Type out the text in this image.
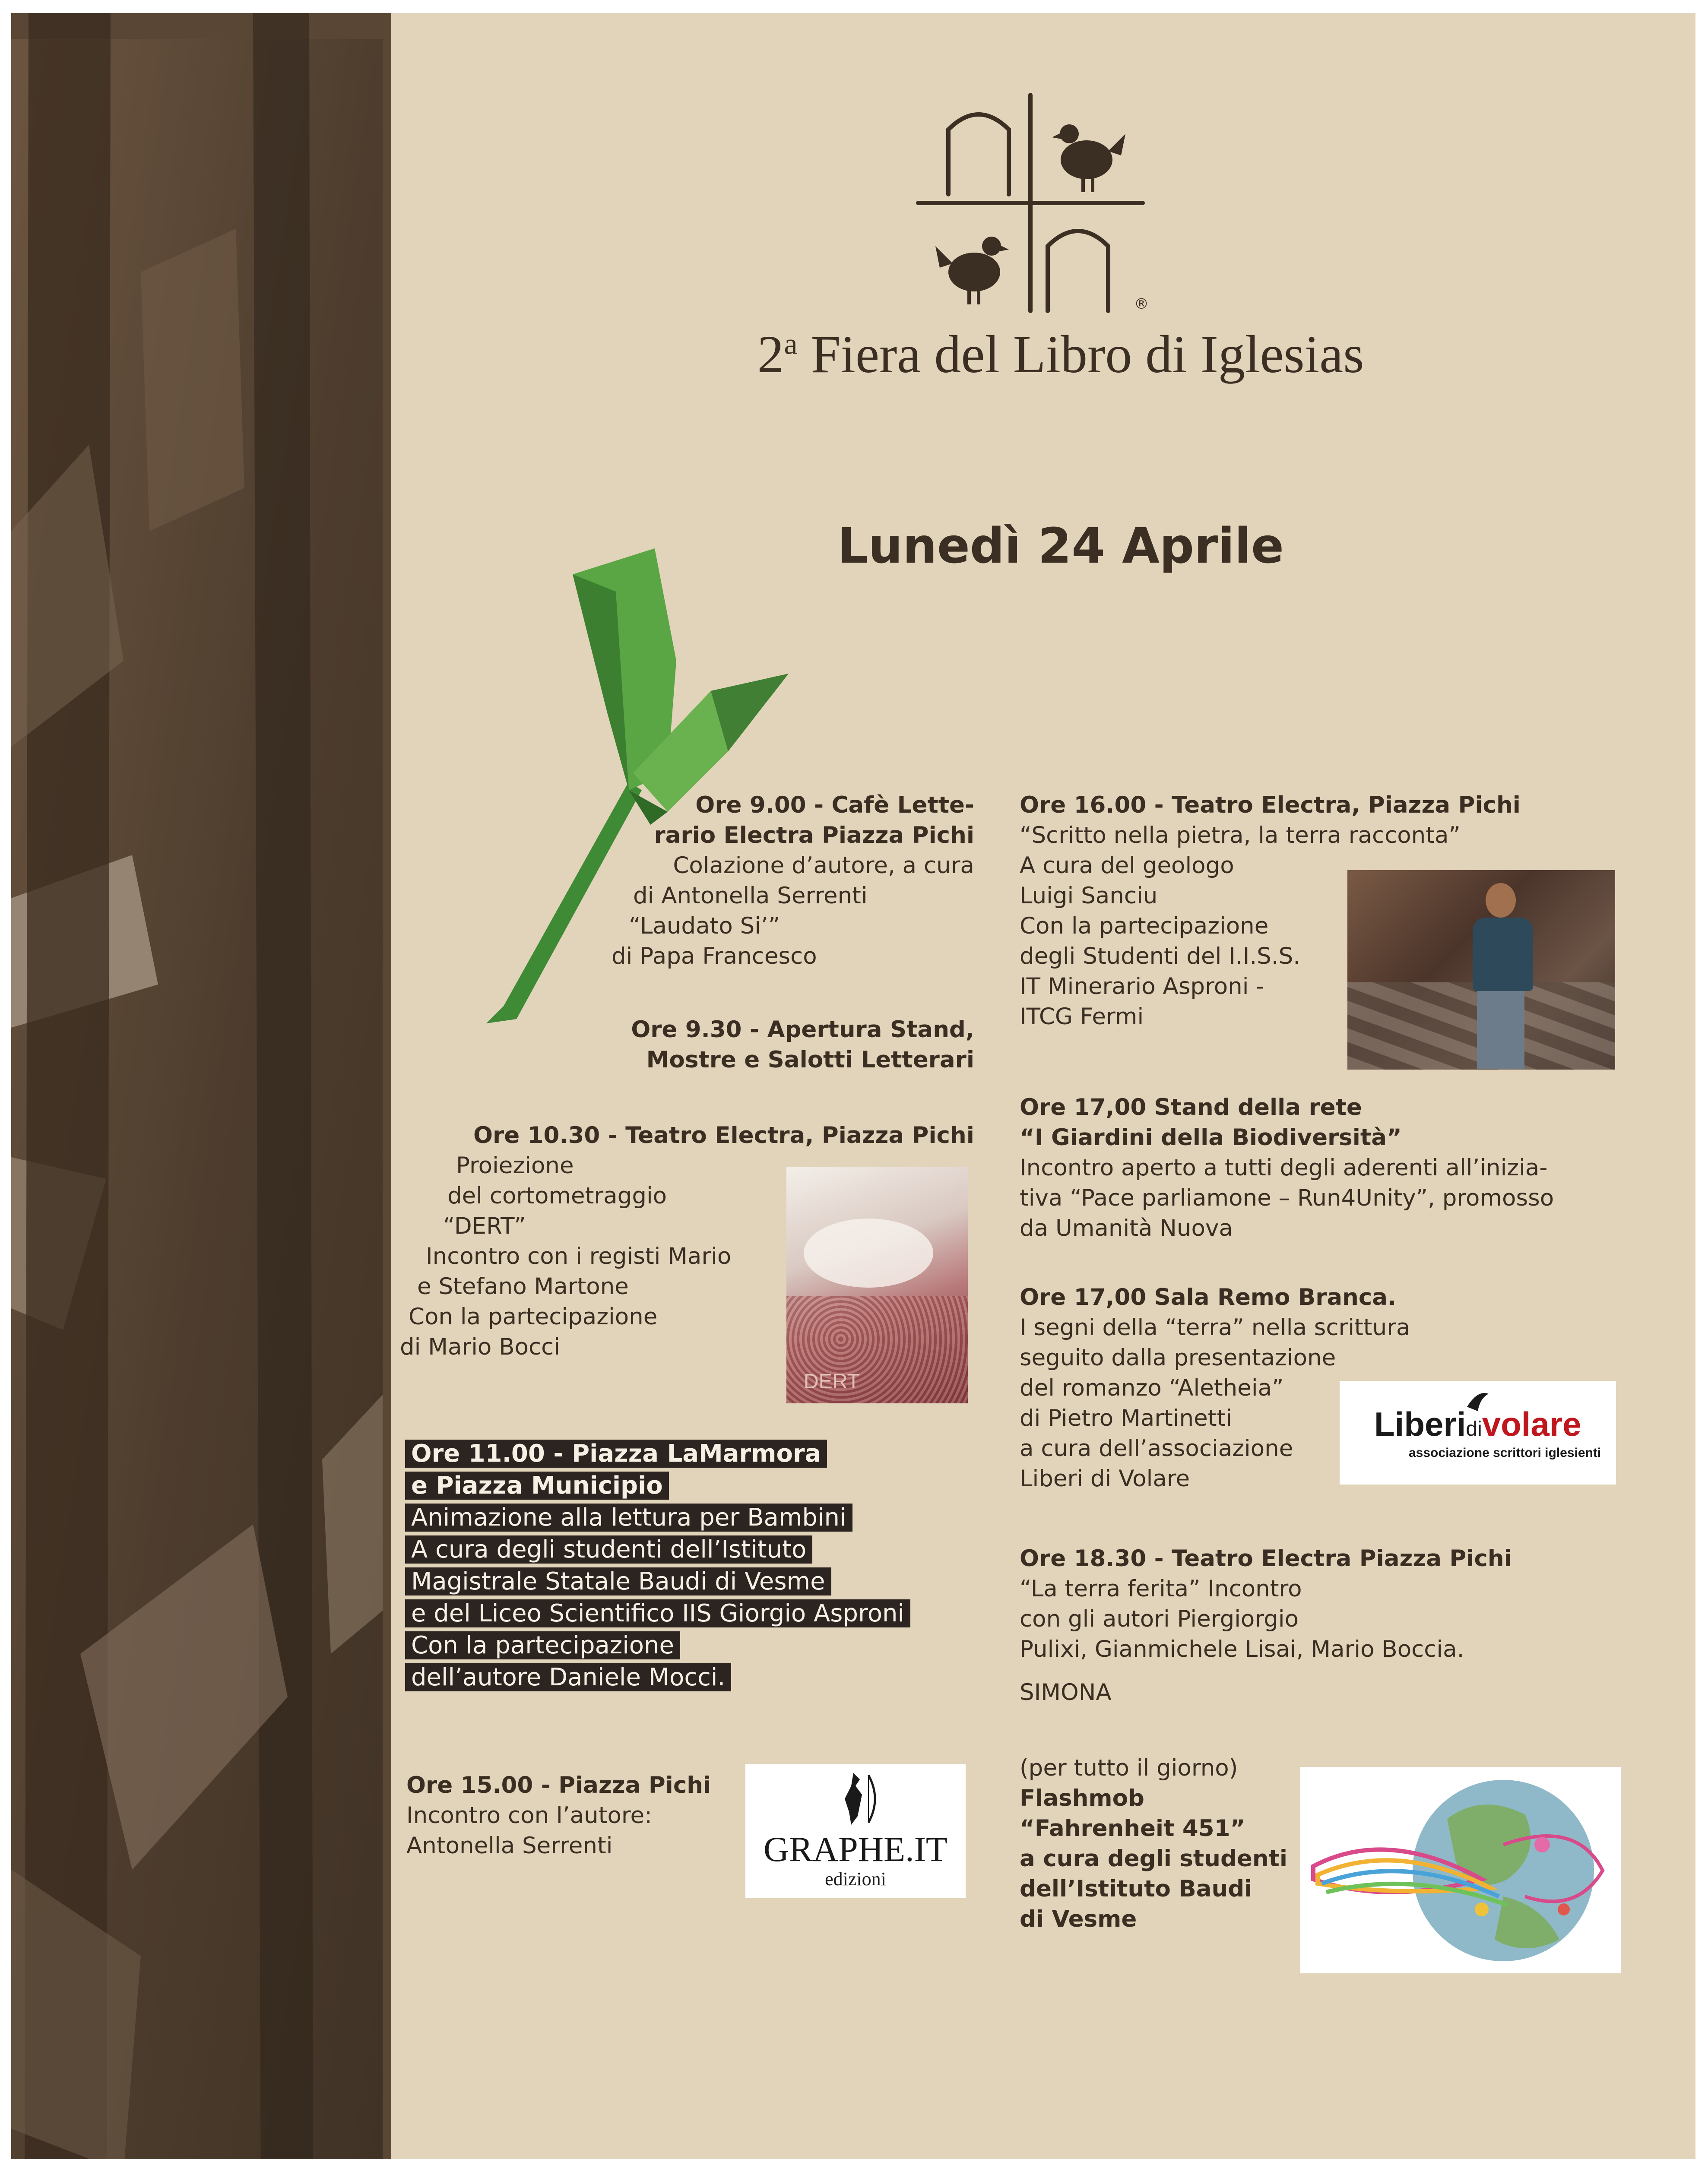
®
2$^a$ Fiera del Libro di Iglesias
Lunedì 24 Aprile
Ore 9.00 - Cafè Lette-
rario Electra Piazza Pichi
Colazione d’autore, a cura
di Antonella Serrenti
“Laudato Si’”
di Papa Francesco
Ore 9.30 - Apertura Stand,
Mostre e Salotti Letterari
Ore 10.30 - Teatro Electra, Piazza Pichi
Proiezione
del cortometraggio
“DERT”
Incontro con i registi Mario
e Stefano Martone
Con la partecipazione
di Mario Bocci
DERT
Ore 11.00 - Piazza LaMarmora
e Piazza Municipio
Animazione alla lettura per Bambini
A cura degli studenti dell’Istituto
Magistrale Statale Baudi di Vesme
e del Liceo Scientifico IIS Giorgio Asproni
Con la partecipazione
dell’autore Daniele Mocci.
Ore 15.00 - Piazza Pichi
Incontro con l’autore:
Antonella Serrenti	GRAPHE.IT
edizioni
Ore 16.00 - Teatro Electra, Piazza Pichi
“Scritto nella pietra, la terra racconta”
A cura del geologo
Luigi Sanciu
Con la partecipazione
degli Studenti del I.I.S.S.
IT Minerario Asproni -
ITCG Fermi
Ore 17,00 Stand della rete
“I Giardini della Biodiversità”
Incontro aperto a tutti degli aderenti all’inizia-
tiva “Pace parliamone – Run4Unity”, promosso
da Umanità Nuova
Ore 17,00 Sala Remo Branca.
I segni della “terra” nella scrittura
seguito dalla presentazione
del romanzo “Aletheia”
di Pietro Martinetti
a cura dell’associazione
Liberi di Volare
Liberidivolare
associazione scrittori iglesienti
Ore 18.30 - Teatro Electra Piazza Pichi
“La terra ferita” Incontro
con gli autori Piergiorgio
Pulixi, Gianmichele Lisai, Mario Boccia.
SIMONA
(per tutto il giorno)
Flashmob
“Fahrenheit 451”
a cura degli studenti
dell’Istituto Baudi
di Vesme
